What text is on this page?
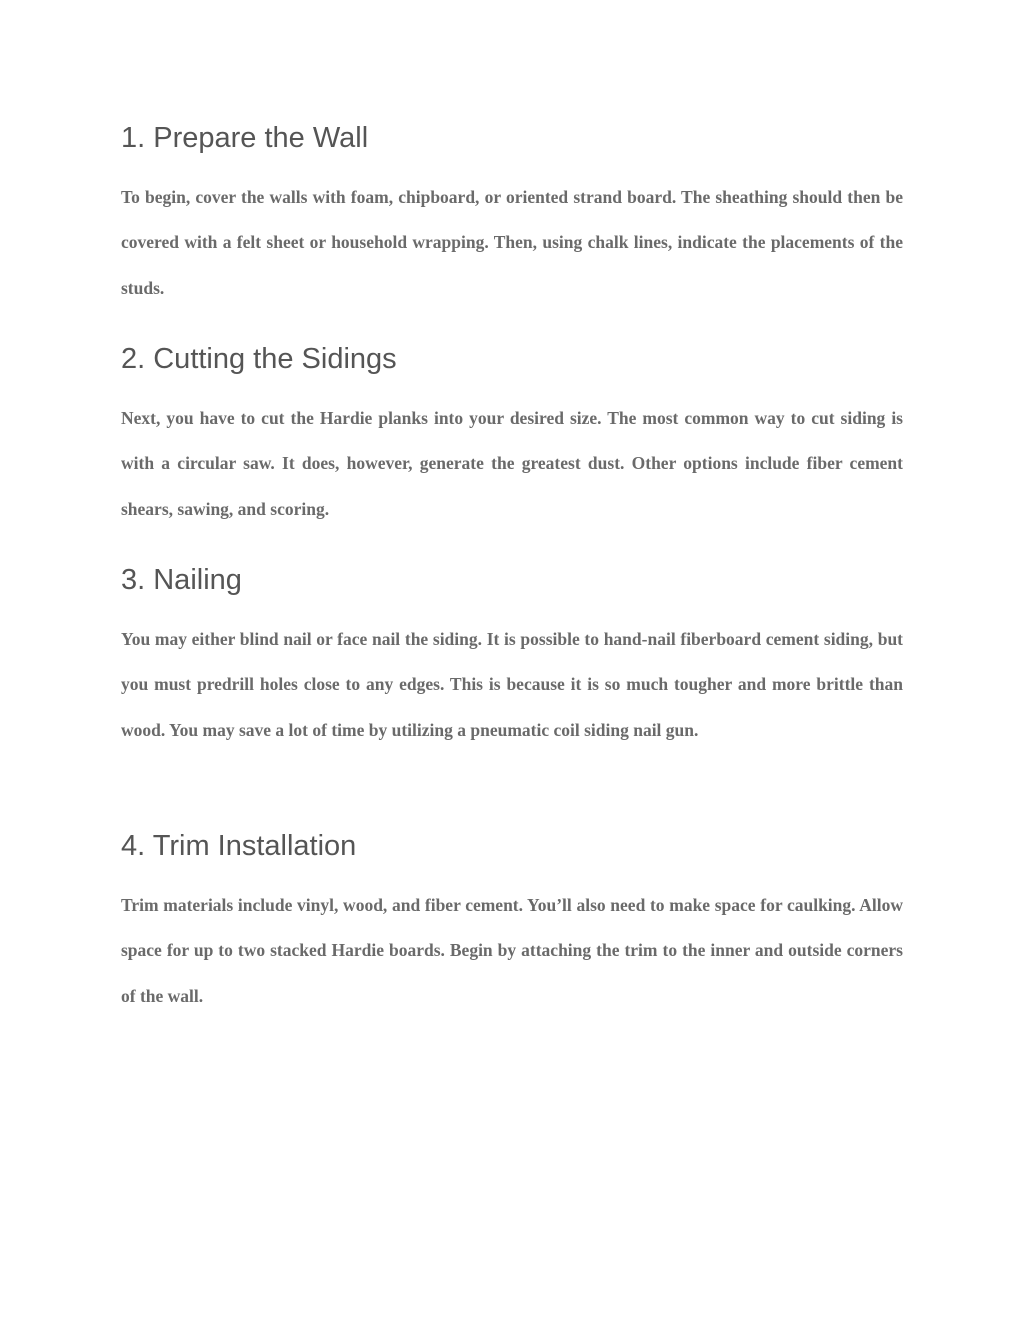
1. Prepare the Wall

To begin, cover the walls with foam, chipboard, or oriented strand board. The sheathing should then be covered with a felt sheet or household wrapping. Then, using chalk lines, indicate the placements of the studs.

2. Cutting the Sidings

Next, you have to cut the Hardie planks into your desired size. The most common way to cut siding is with a circular saw. It does, however, generate the greatest dust. Other options include fiber cement shears, sawing, and scoring.

3. Nailing

You may either blind nail or face nail the siding. It is possible to hand-nail fiberboard cement siding, but you must predrill holes close to any edges. This is because it is so much tougher and more brittle than wood. You may save a lot of time by utilizing a pneumatic coil siding nail gun.

4. Trim Installation

Trim materials include vinyl, wood, and fiber cement. You’ll also need to make space for caulking. Allow space for up to two stacked Hardie boards. Begin by attaching the trim to the inner and outside corners of the wall.
